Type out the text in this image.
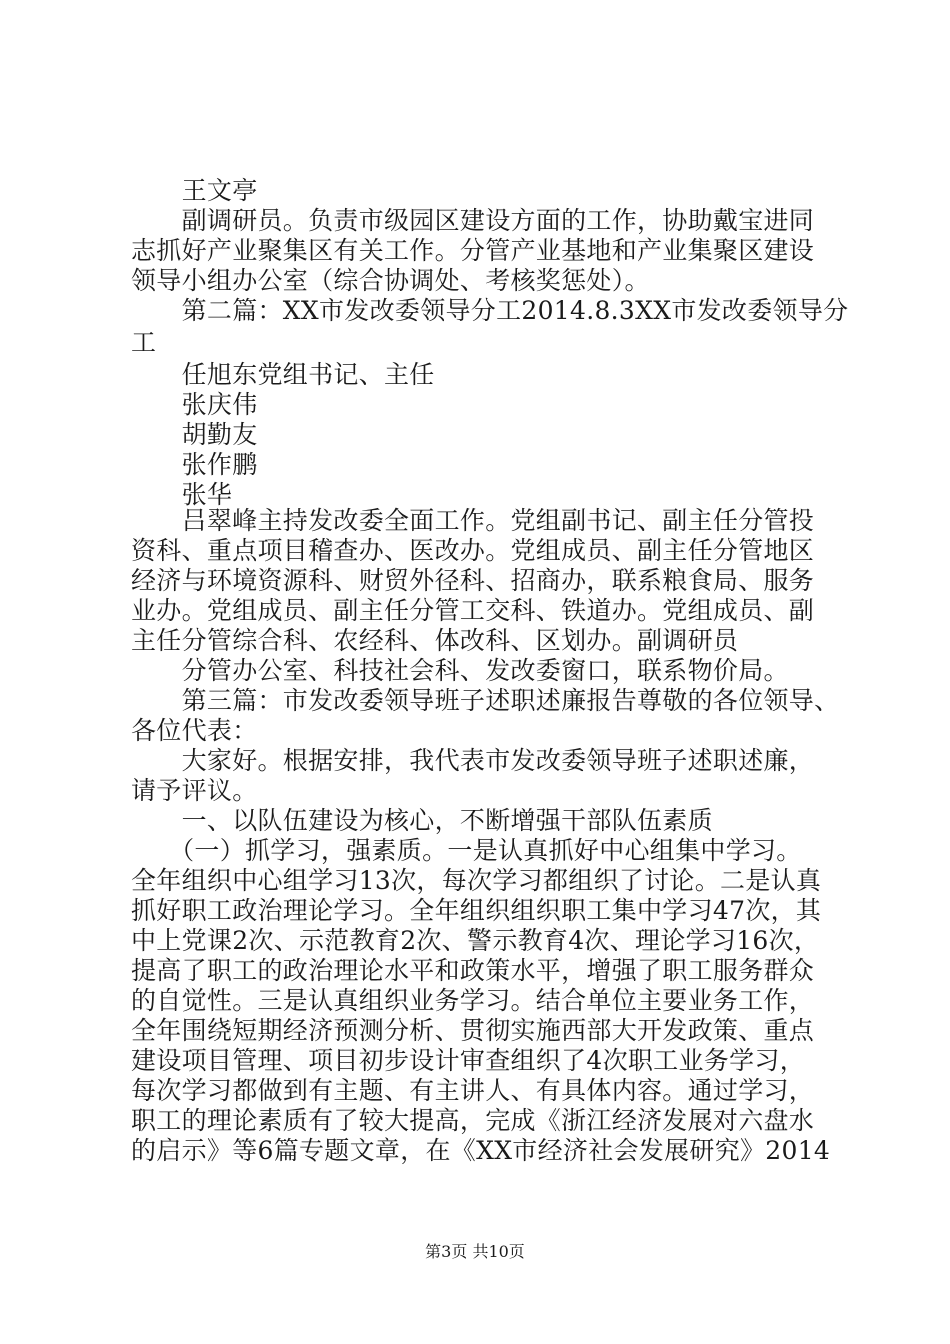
　　王文亭
　　副调研员。负责市级园区建设方面的工作，协助戴宝进同
志抓好产业聚集区有关工作。分管产业基地和产业集聚区建设
领导小组办公室（综合协调处、考核奖惩处）。
　　第二篇：XX市发改委领导分工2014.8.3XX市发改委领导分
工
　　任旭东党组书记、主任
　　张庆伟
　　胡勤友
　　张作鹏
　　张华
　　吕翠峰主持发改委全面工作。党组副书记、副主任分管投
资科、重点项目稽查办、医改办。党组成员、副主任分管地区
经济与环境资源科、财贸外径科、招商办，联系粮食局、服务
业办。党组成员、副主任分管工交科、铁道办。党组成员、副
主任分管综合科、农经科、体改科、区划办。副调研员
　　分管办公室、科技社会科、发改委窗口，联系物价局。
　　第三篇：市发改委领导班子述职述廉报告尊敬的各位领导、
各位代表：
　　大家好。根据安排，我代表市发改委领导班子述职述廉，
请予评议。
　　一、以队伍建设为核心，不断增强干部队伍素质
　　（一）抓学习，强素质。一是认真抓好中心组集中学习。
全年组织中心组学习13次，每次学习都组织了讨论。二是认真
抓好职工政治理论学习。全年组织组织职工集中学习47次，其
中上党课2次、示范教育2次、警示教育4次、理论学习16次，
提高了职工的政治理论水平和政策水平，增强了职工服务群众
的自觉性。三是认真组织业务学习。结合单位主要业务工作，
全年围绕短期经济预测分析、贯彻实施西部大开发政策、重点
建设项目管理、项目初步设计审查组织了4次职工业务学习，
每次学习都做到有主题、有主讲人、有具体内容。通过学习，
职工的理论素质有了较大提高，完成《浙江经济发展对六盘水
的启示》等6篇专题文章，在《XX市经济社会发展研究》2014
第3页 共10页
